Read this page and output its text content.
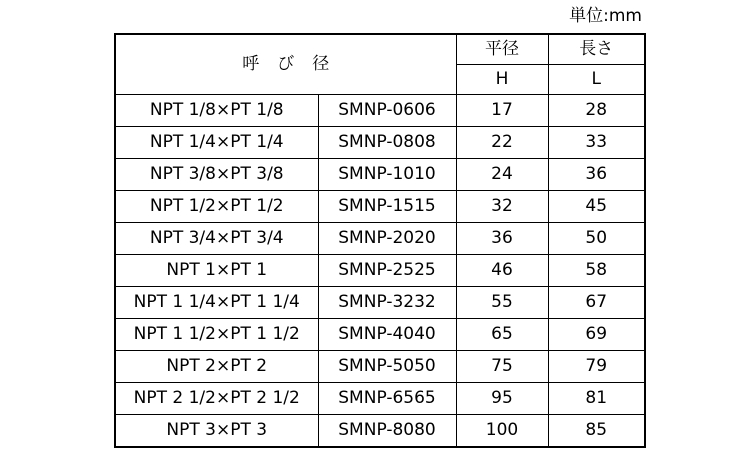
単位:mm
呼び径		平径	長さ
		H	L
NPT 1/8×PT 1/8	SMNP-0606	17	28
NPT 1/4×PT 1/4	SMNP-0808	22	33
NPT 3/8×PT 3/8	SMNP-1010	24	36
NPT 1/2×PT 1/2	SMNP-1515	32	45
NPT 3/4×PT 3/4	SMNP-2020	36	50
NPT 1×PT 1	SMNP-2525	46	58
NPT 1 1/4×PT 1 1/4	SMNP-3232	55	67
NPT 1 1/2×PT 1 1/2	SMNP-4040	65	69
NPT 2×PT 2	SMNP-5050	75	79
NPT 2 1/2×PT 2 1/2	SMNP-6565	95	81
NPT 3×PT 3	SMNP-8080	100	85
